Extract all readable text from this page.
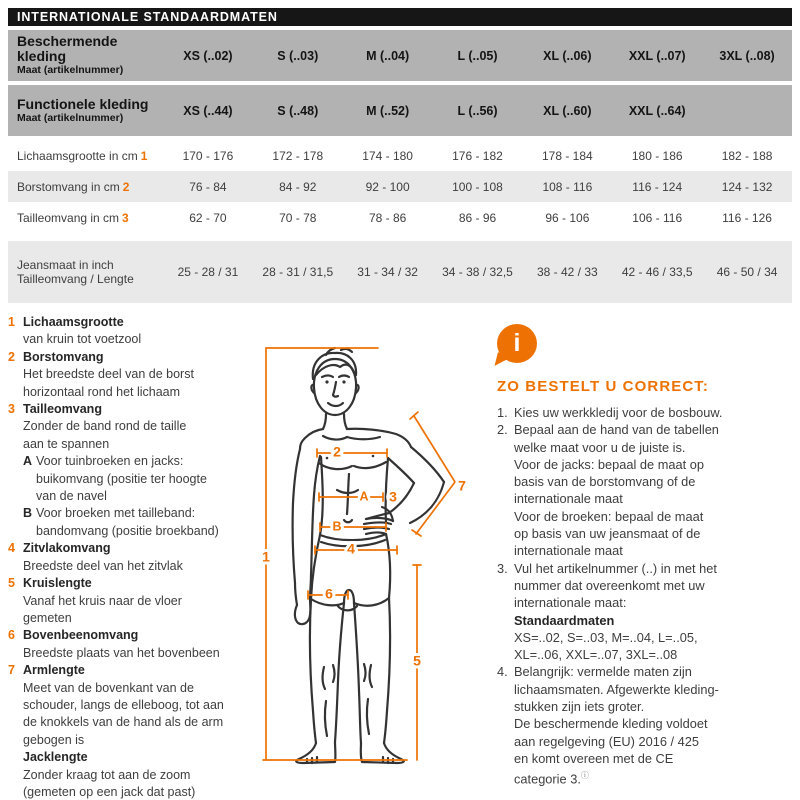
INTERNATIONALE STANDAARDMATEN
Beschermende kleding
Maat (artikelnummer)
XS (..02)	S (..03)	M (..04)	L (..05)	XL (..06)	XXL (..07)	3XL (..08)
Functionele kleding
Maat (artikelnummer)	XS (..44)	S (..48)	M (..52)	L (..56)	XL (..60)	XXL (..64)
Lichaamsgrootte in cm 1	170 - 176	172 - 178	174 - 180	176 - 182	178 - 184	180 - 186	182 - 188
Borstomvang in cm 2	76 - 84	84 - 92	92 - 100	100 - 108	108 - 116	116 - 124	124 - 132
Tailleomvang in cm 3	62 - 70	70 - 78	78 - 86	86 - 96	96 - 106	106 - 116	116 - 126
Jeansmaat in inch
Tailleomvang / Lengte	25 - 28 / 31	28 - 31 / 31,5	31 - 34 / 32	34 - 38 / 32,5	38 - 42 / 33	42 - 46 / 33,5	46 - 50 / 34
1 Lichaamsgrootte
van kruin tot voetzool
2 Borstomvang
Het breedste deel van de borst
horizontaal rond het lichaam
3 Tailleomvang
Zonder de band rond de taille
aan te spannen
A Voor tuinbroeken en jacks:
buikomvang (positie ter hoogte
van de navel
B Voor broeken met tailleband:
bandomvang (positie broekband)
4 Zitvlakomvang
Breedste deel van het zitvlak
5 Kruislengte
Vanaf het kruis naar de vloer
gemeten
6 Bovenbeenomvang
Breedste plaats van het bovenbeen
7 Armlengte
Meet van de bovenkant van de
schouder, langs de elleboog, tot aan
de knokkels van de hand als de arm
gebogen is
Jacklengte
Zonder kraag tot aan de zoom
(gemeten op een jack dat past)
1
2
A 3
B
4
7
5
6
i
ZO BESTELT U CORRECT:
1. Kies uw werkkledij voor de bosbouw.
2. Bepaal aan de hand van de tabellen
welke maat voor u de juiste is.
Voor de jacks: bepaal de maat op
basis van de borstomvang of de
internationale maat
Voor de broeken: bepaal de maat
op basis van uw jeansmaat of de
internationale maat
3. Vul het artikelnummer (..) in met het
nummer dat overeenkomt met uw
internationale maat:
Standaardmaten
XS=..02, S=..03, M=..04, L=..05,
XL=..06, XXL=..07, 3XL=..08
4. Belangrijk: vermelde maten zijn
lichaamsmaten. Afgewerkte kleding-
stukken zijn iets groter.
De beschermende kleding voldoet
aan regelgeving (EU) 2016 / 425
en komt overeen met de CE
categorie 3.ⓘ
